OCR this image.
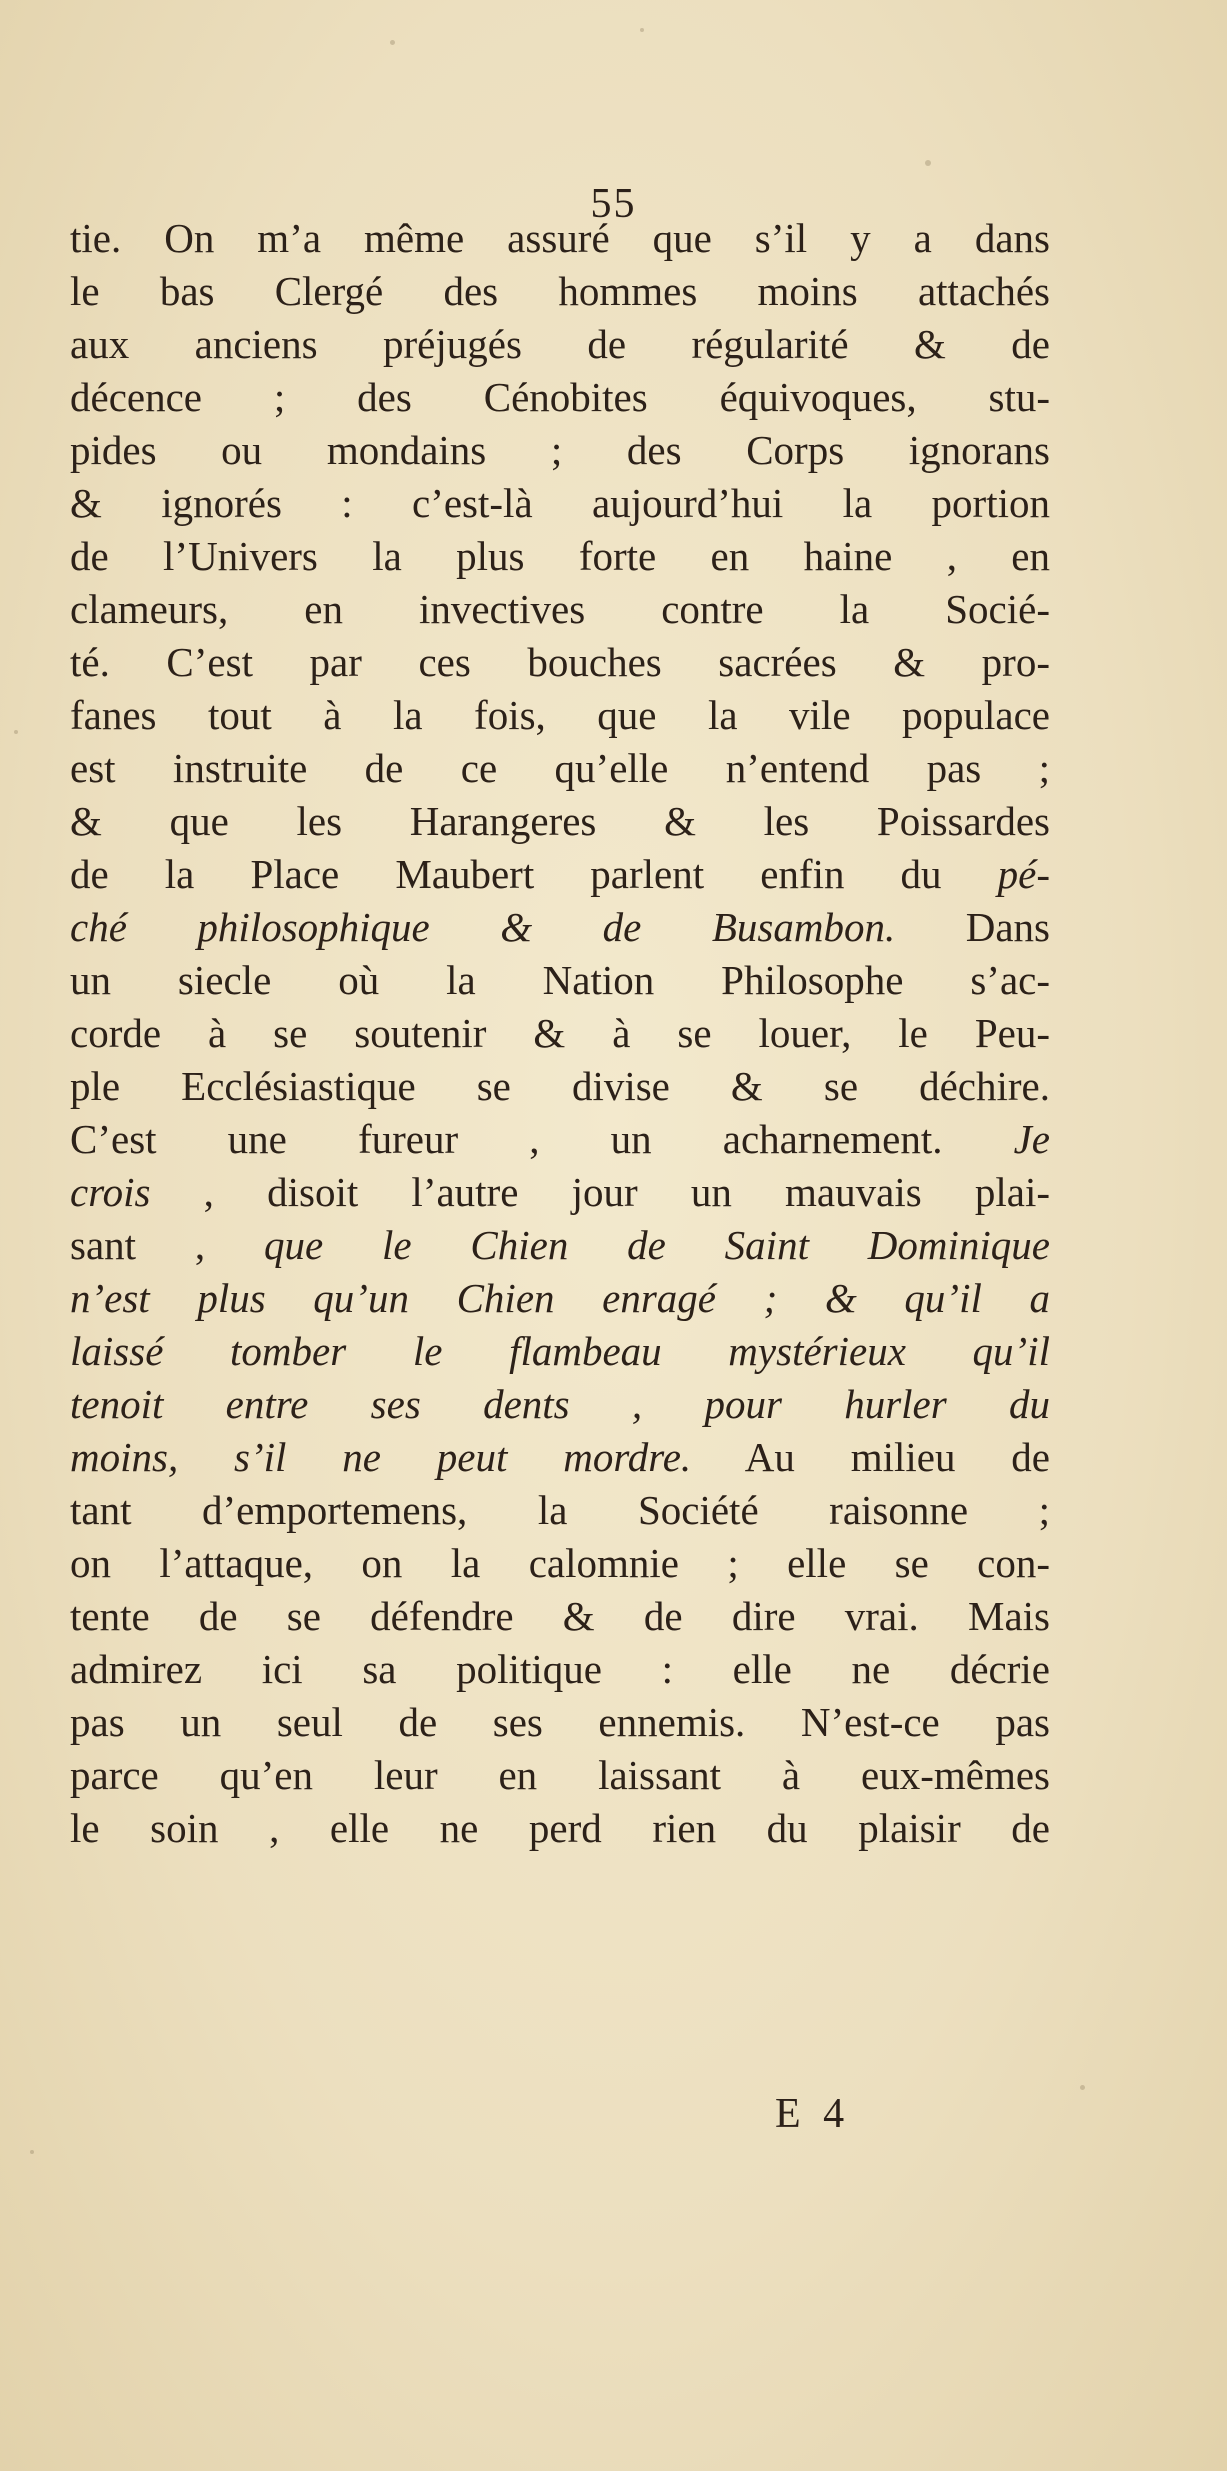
55
tie. On m’a même assuré que s’il y a dans
le bas Clergé des hommes moins attachés
aux anciens préjugés de régularité & de
décence ; des Cénobites équivoques, stu-
pides ou mondains ; des Corps ignorans
& ignorés : c’est-là aujourd’hui la portion
de l’Univers la plus forte en haine , en
clameurs, en invectives contre la Socié-
té. C’est par ces bouches sacrées & pro-
fanes tout à la fois, que la vile populace
est instruite de ce qu’elle n’entend pas ;
& que les Harangeres & les Poissardes
de la Place Maubert parlent enfin du pé-
ché philosophique & de Busambon. Dans
un siecle où la Nation Philosophe s’ac-
corde à se soutenir & à se louer, le Peu-
ple Ecclésiastique se divise & se déchire.
C’est une fureur , un acharnement. Je
crois , disoit l’autre jour un mauvais plai-
sant , que le Chien de Saint Dominique
n’est plus qu’un Chien enragé ; & qu’il a
laissé tomber le flambeau mystérieux qu’il
tenoit entre ses dents , pour hurler du
moins, s’il ne peut mordre. Au milieu de
tant d’emportemens, la Société raisonne ;
on l’attaque, on la calomnie ; elle se con-
tente de se défendre & de dire vrai. Mais
admirez ici sa politique : elle ne décrie
pas un seul de ses ennemis. N’est-ce pas
parce qu’en leur en laissant à eux-mêmes
le soin , elle ne perd rien du plaisir de
E 4
